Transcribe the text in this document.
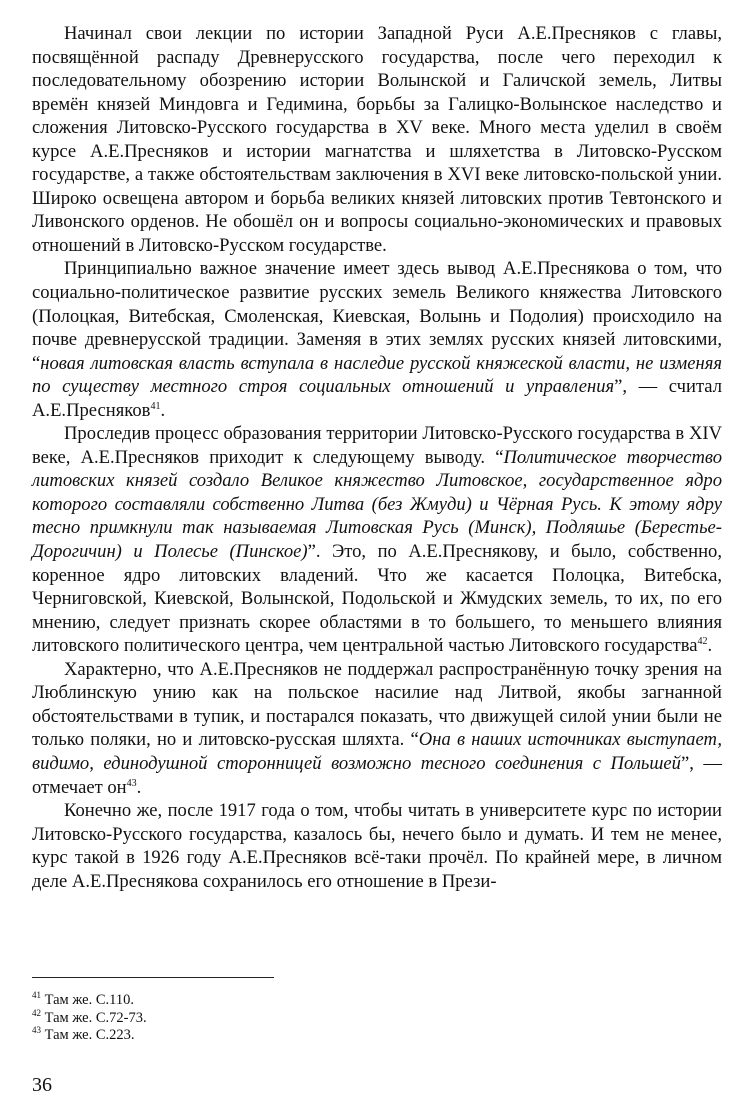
Начинал свои лекции по истории Западной Руси А.Е.Пресняков с главы, посвящённой распаду Древнерусского государства, после чего переходил к последовательному обозрению истории Волынской и Галичской земель, Литвы времён князей Миндовга и Гедимина, борьбы за Галицко-Волынское наследство и сложения Литовско-Русского государства в XV веке. Много места уделил в своём курсе А.Е.Пресняков и истории магнатства и шляхетства в Литовско-Русском государстве, а также обстоятельствам заключения в XVI веке литовско-польской унии. Широко освещена автором и борьба великих князей литовских против Тевтонского и Ливонского орденов. Не обошёл он и вопросы социально-экономических и правовых отношений в Литовско-Русском государстве.

Принципиально важное значение имеет здесь вывод А.Е.Преснякова о том, что социально-политическое развитие русских земель Великого княжества Литовского (Полоцкая, Витебская, Смоленская, Киевская, Волынь и Подолия) происходило на почве древнерусской традиции. Заменяя в этих землях русских князей литовскими, “новая литовская власть вступала в наследие русской княжеской власти, не изменяя по существу местного строя социальных отношений и управления”, — считал А.Е.Пресняков$^{41}$.

Проследив процесс образования территории Литовско-Русского государства в XIV веке, А.Е.Пресняков приходит к следующему выводу. “Политическое творчество литовских князей создало Великое княжество Литовское, государственное ядро которого составляли собственно Литва (без Жмуди) и Чёрная Русь. К этому ядру тесно примкнули так называемая Литовская Русь (Минск), Подляшье (Берестье-Дорогичин) и Полесье (Пинское)”. Это, по А.Е.Преснякову, и было, собственно, коренное ядро литовских владений. Что же касается Полоцка, Витебска, Черниговской, Киевской, Волынской, Подольской и Жмудских земель, то их, по его мнению, следует признать скорее областями в то большего, то меньшего влияния литовского политического центра, чем центральной частью Литовского государства$^{42}$.

Характерно, что А.Е.Пресняков не поддержал распространённую точку зрения на Люблинскую унию как на польское насилие над Литвой, якобы загнанной обстоятельствами в тупик, и постарался показать, что движущей силой унии были не только поляки, но и литовско-русская шляхта. “Она в наших источниках выступает, видимо, единодушной сторонницей возможно тесного соединения с Польшей”, — отмечает $он^{43}$.

Конечно же, после 1917 года о том, чтобы читать в университете курс по истории Литовско-Русского государства, казалось бы, нечего было и думать. И тем не менее, курс такой в 1926 году А.Е.Пресняков всё-таки прочёл. По крайней мере, в личном деле А.Е.Преснякова сохранилось его отношение в Прези-

$^{41}$ Там же. С.110.
$^{42}$ Там же. С.72-73.
$^{43}$ Там же. С.223.
36
